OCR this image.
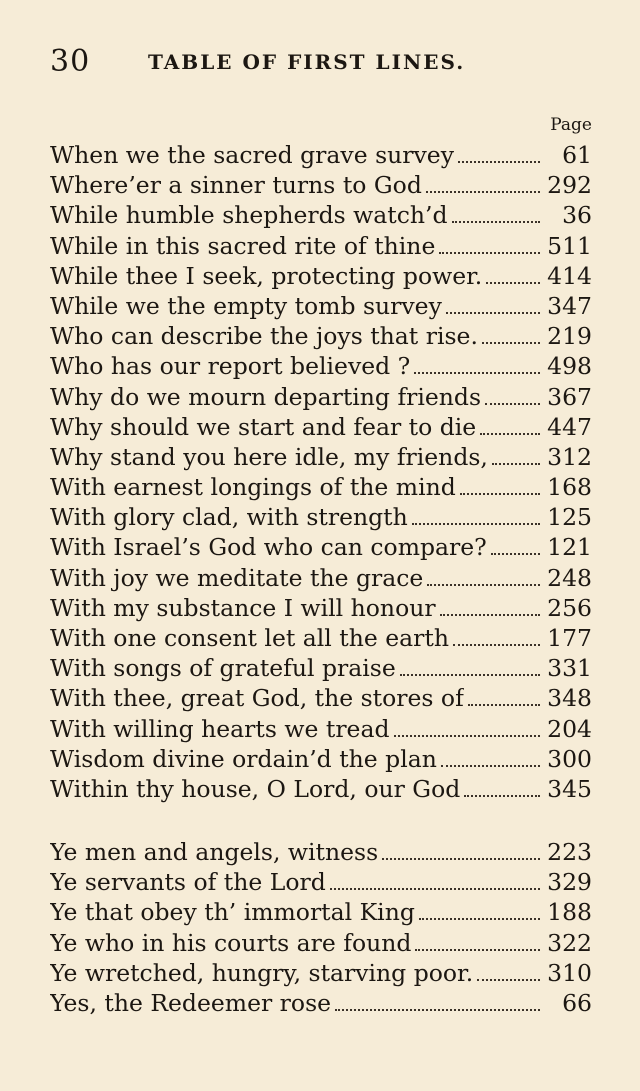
30	TABLE OF FIRST LINES.
Page
When we the sacred grave survey	61
Where’er a sinner turns to God	292
While humble shepherds watch’d	36
While in this sacred rite of thine	511
While thee I seek, protecting power.	414
While we the empty tomb survey	347
Who can describe the joys that rise.	219
Who has our report believed ?	498
Why do we mourn departing friends	367
Why should we start and fear to die	447
Why stand you here idle, my friends,	312
With earnest longings of the mind	168
With glory clad, with strength	125
With Israel’s God who can compare?	121
With joy we meditate the grace	248
With my substance I will honour	256
With one consent let all the earth	177
With songs of grateful praise	331
With thee, great God, the stores of	348
With willing hearts we tread	204
Wisdom divine ordain’d the plan	300
Within thy house, O Lord, our God	345
Ye men and angels, witness	223
Ye servants of the Lord	329
Ye that obey th’ immortal King	188
Ye who in his courts are found	322
Ye wretched, hungry, starving poor.	310
Yes, the Redeemer rose	66
